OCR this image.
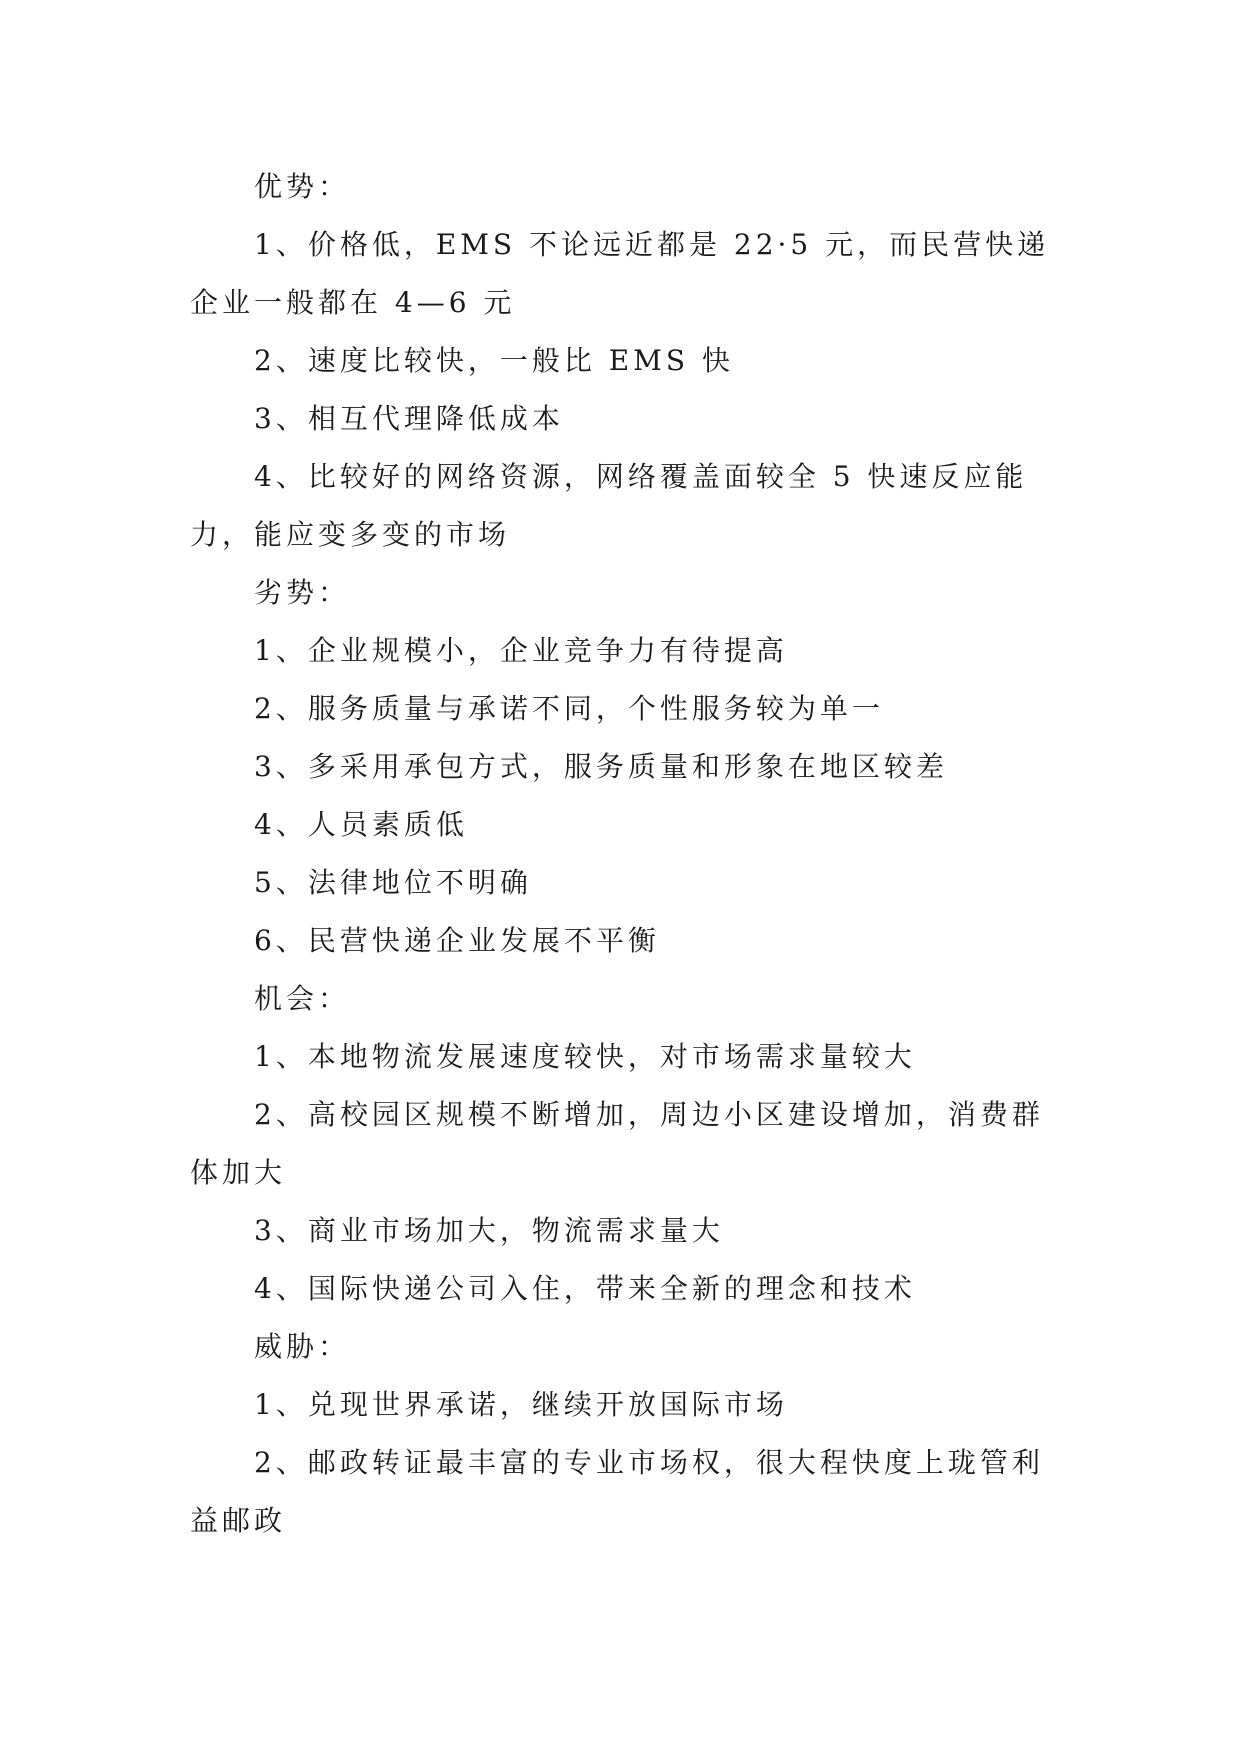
优势：

1、价格低，EMS 不论远近都是 22·5 元，而民营快递企业一般都在 4—6 元

2、速度比较快，一般比 EMS 快

3、相互代理降低成本

4、比较好的网络资源，网络覆盖面较全 5 快速反应能力，能应变多变的市场

劣势：

1、企业规模小，企业竞争力有待提高

2、服务质量与承诺不同，个性服务较为单一

3、多采用承包方式，服务质量和形象在地区较差

4、人员素质低

5、法律地位不明确

6、民营快递企业发展不平衡

机会：

1、本地物流发展速度较快，对市场需求量较大

2、高校园区规模不断增加，周边小区建设增加，消费群体加大

3、商业市场加大，物流需求量大

4、国际快递公司入住，带来全新的理念和技术

威胁：

1、兑现世界承诺，继续开放国际市场

2、邮政转证最丰富的专业市场权，很大程快度上珑管利益邮政
